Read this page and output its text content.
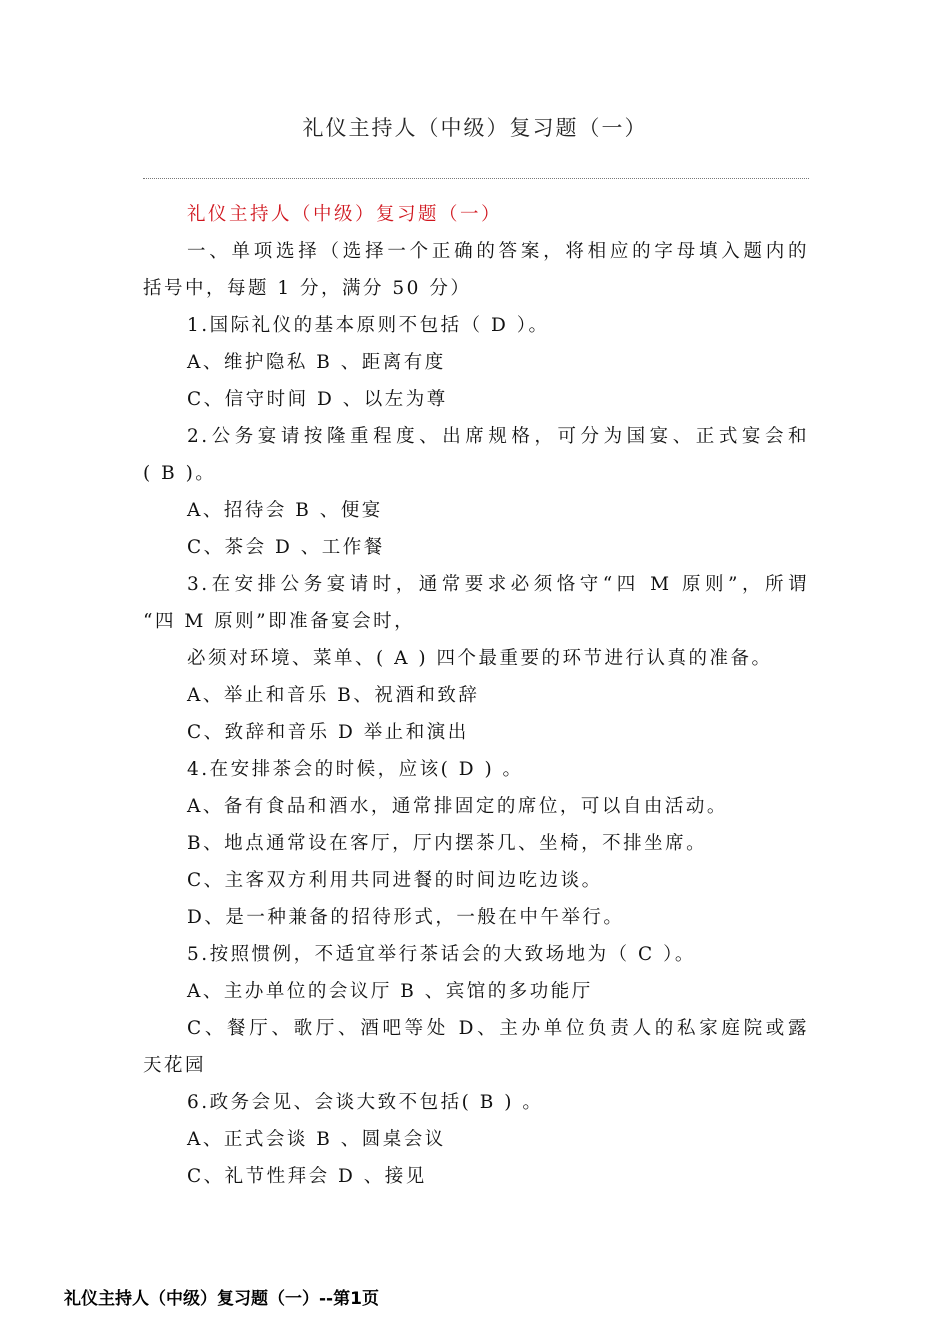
礼仪主持人（中级）复习题（一）
礼仪主持人（中级）复习题（一）
一、单项选择（选择一个正确的答案，将相应的字母填入题内的
括号中，每题 1 分，满分 50 分）
1.国际礼仪的基本原则不包括（ D ）。
A、维护隐私 B 、距离有度
C、信守时间 D 、以左为尊
2.公务宴请按隆重程度、出席规格，可分为国宴、正式宴会和
( B )。
A、招待会 B 、便宴
C、茶会 D 、工作餐
3.在安排公务宴请时，通常要求必须恪守“四 M 原则”，所谓
“四 M 原则”即准备宴会时，
必须对环境、菜单、( A ) 四个最重要的环节进行认真的准备。
A、举止和音乐 B、祝酒和致辞
C、致辞和音乐 D 举止和演出
4.在安排茶会的时候，应该( D ) 。
A、备有食品和酒水，通常排固定的席位，可以自由活动。
B、地点通常设在客厅，厅内摆茶几、坐椅，不排坐席。
C、主客双方利用共同进餐的时间边吃边谈。
D、是一种兼备的招待形式，一般在中午举行。
5.按照惯例，不适宜举行茶话会的大致场地为（ C ）。
A、主办单位的会议厅 B 、宾馆的多功能厅
C、餐厅、歌厅、酒吧等处 D、主办单位负责人的私家庭院或露
天花园
6.政务会见、会谈大致不包括( B ) 。
A、正式会谈 B 、圆桌会议
C、礼节性拜会 D 、接见
礼仪主持人（中级）复习题（一）--第1页
